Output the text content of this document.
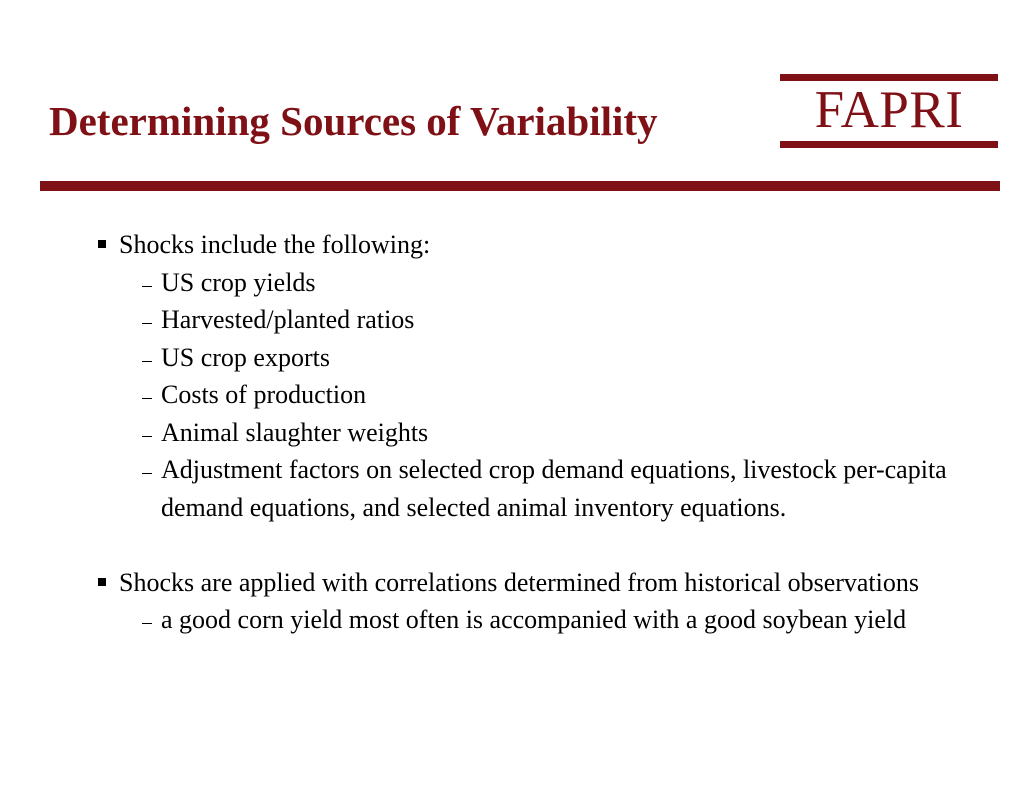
Determining Sources of Variability	FAPRI
Shocks include the following:
US crop yields
Harvested/planted ratios
US crop exports
Costs of production
Animal slaughter weights
Adjustment factors on selected crop demand equations, livestock per-capita demand equations, and selected animal inventory equations.
Shocks are applied with correlations determined from historical observations
a good corn yield most often is accompanied with a good soybean yield
